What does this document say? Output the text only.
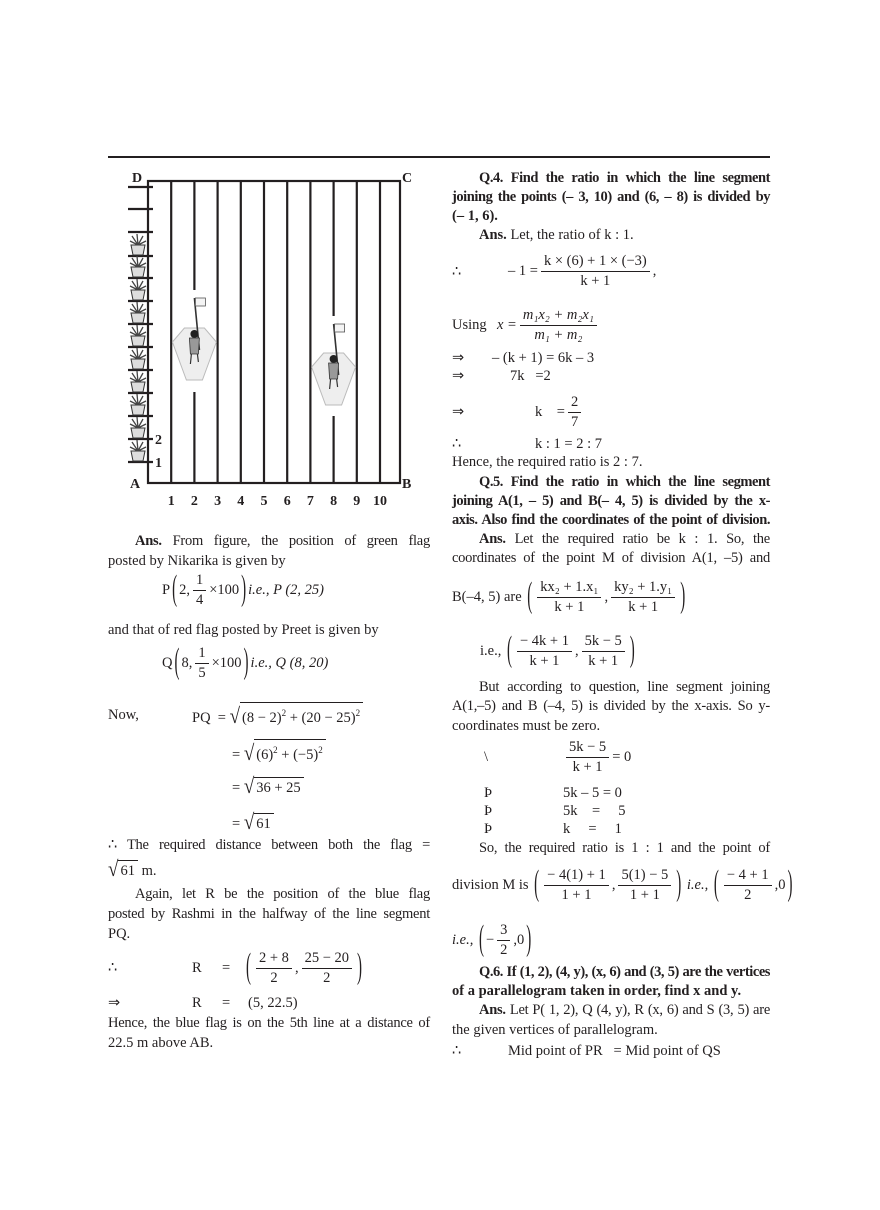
D	C
A	B
2
1
1 2 3 4 5 6 7 8 9 10
Ans. From figure, the position of green flag
posted by Nikarika is given by
P ( 2, $\frac{1}{4} \times 100$ ) i.e.,
P (2, 25)
and that of red flag posted by Preet is given by
Q ( 8, $\frac{1}{5} \times 100$ ) i.e.,
Q (8, 20)
Now,	PQ  = √ $(8 - 2)^2 + (20 - 25)^2$
= √ $(6)^2 + (-5)^2$
= √ 36 + 25
= √ 61
∴ The required distance between both the flag =
√ 61 m.
Again, let R be the position of the blue flag
posted by Rashmi in the halfway of the line segment
PQ.
∴	R = ( $\frac{2 + 8}{2}$ , $\frac{25 - 20}{2}$ )
⇒	R = (5, 22.5)
Hence, the blue flag is on the 5th line at a distance of
22.5 m above AB.
Q.4. Find the ratio in which the line segment
joining the points (– 3, 10) and (6, – 8) is divided by
(– 1, 6).
Ans. Let, the ratio of k : 1.
∴	– $1 = \frac{k \times (6) + 1 \times (-3)}{k + 1}$ ,
Using $x = \frac{\text{m₁x₂ + m₂x₁}}{\text{m₁ + m₂}}$
⇒ – (k + 1) = 6k – 3
⇒	7k   =2
⇒	k    = $\frac{2}{7}$
∴	k : 1 = 2 : 7
Hence, the required ratio is 2 : 7.
Q.5. Find the ratio in which the line segment
joining A(1, – 5) and B(– 4, 5) is divided by the x-
axis. Also find the coordinates of the point of division.
Ans. Let the required ratio be k : 1. So, the
coordinates of the point M of division A(1, –5) and
B(–4, 5) are
( $\frac{\text{kx₂ + 1.x₁}}{k + 1}$ , $\frac{\text{ky₂ + 1.y₁}}{k + 1}$ )
i.e.,
( $\frac{- 4k + 1}{k + 1}$ , $\frac{5k - 5}{k + 1}$ )
But according to question, line segment joining
A(1,–5) and B (–4, 5) is divided by the x-axis. So y-
coordinates must be zero.
\	$\frac{5k - 5}{k + 1} = 0$
Þ	5k – 5 = 0
Þ	5k    =     5
Þ	k     =     1
So, the required ratio is 1 : 1 and the point of
division M is
( $\frac{- 4(1) + 1}{1 + 1}$ , $\frac{5(1) - 5}{1 + 1}$ )
i.e.,
( $\frac{- 4 + 1}{2} ,0$ )
i.e.,
( − $\frac{3}{2} ,0$ )
Q.6. If (1, 2), (4, y), (x, 6) and (3, 5) are the vertices
of a parallelogram taken in order, find x and y.
Ans. Let P( 1, 2), Q (4, y), R (x, 6) and S (3, 5) are
the given vertices of parallelogram.
∴	Mid point of PR   = Mid point of QS
